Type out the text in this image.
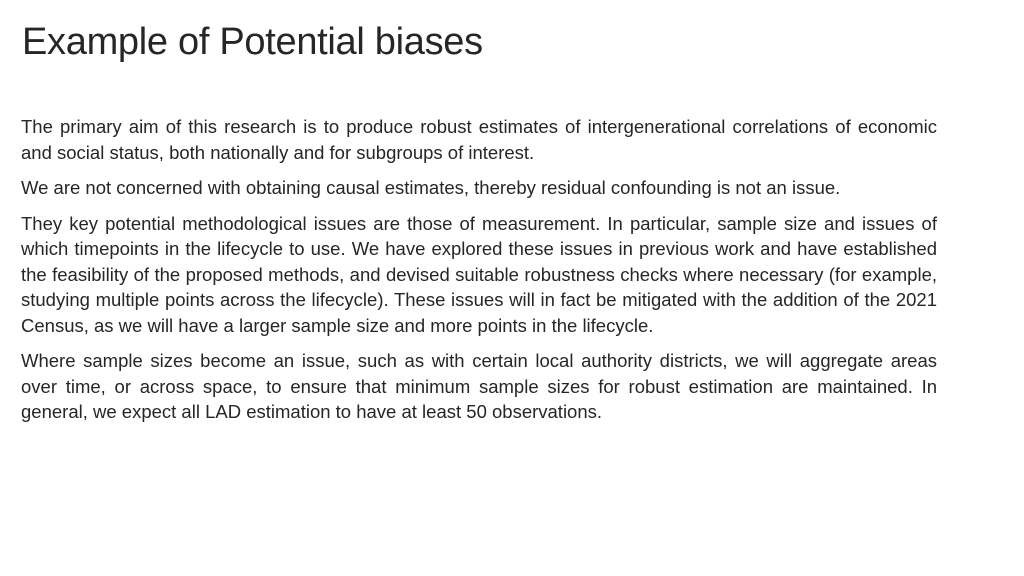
Example of Potential biases

The primary aim of this research is to produce robust estimates of intergenerational correlations of economic and social status, both nationally and for subgroups of interest.

We are not concerned with obtaining causal estimates, thereby residual confounding is not an issue.

They key potential methodological issues are those of measurement. In particular, sample size and issues of which timepoints in the lifecycle to use. We have explored these issues in previous work and have established the feasibility of the proposed methods, and devised suitable robustness checks where necessary (for example, studying multiple points across the lifecycle). These issues will in fact be mitigated with the addition of the 2021 Census, as we will have a larger sample size and more points in the lifecycle.

Where sample sizes become an issue, such as with certain local authority districts, we will aggregate areas over time, or across space, to ensure that minimum sample sizes for robust estimation are maintained. In general, we expect all LAD estimation to have at least 50 observations.
